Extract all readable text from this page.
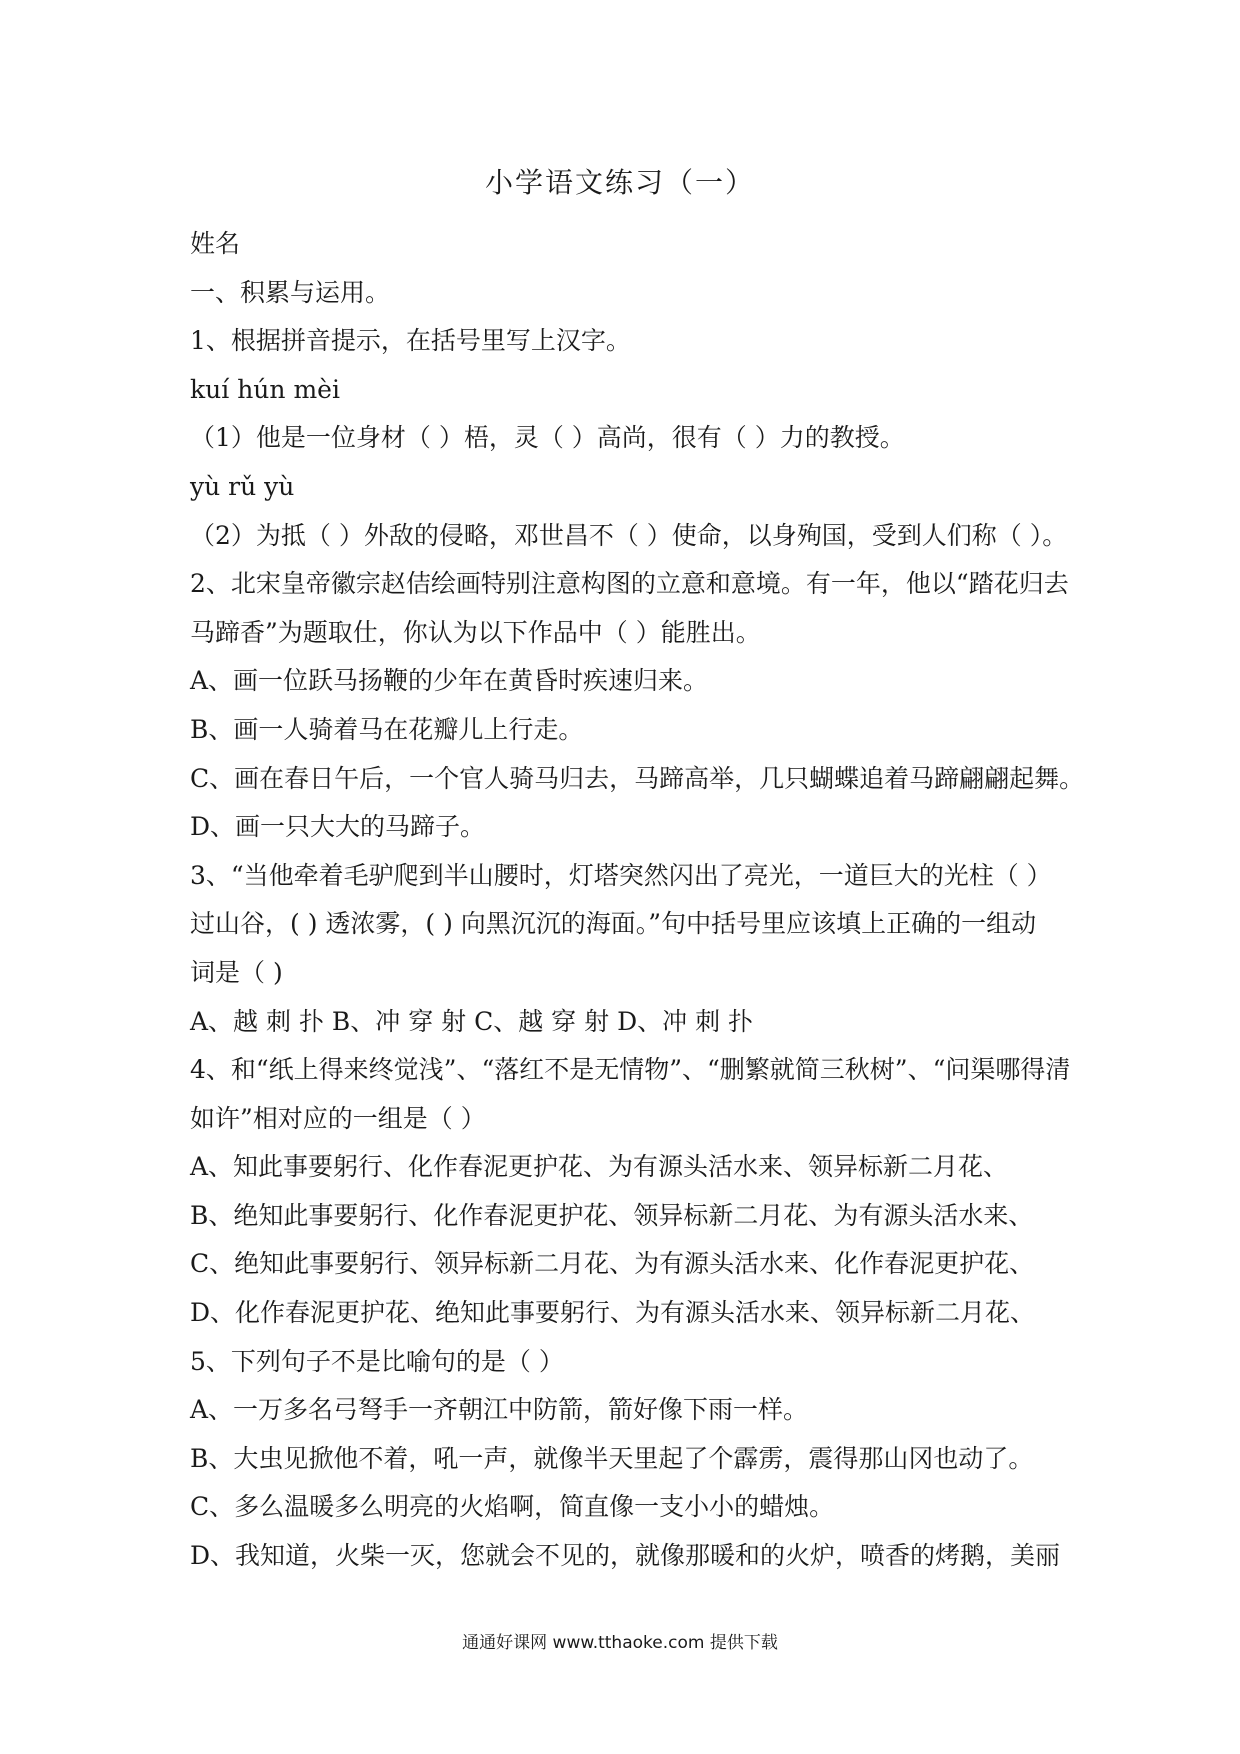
小学语文练习（一）
姓名
一、积累与运用。
1、根据拼音提示，在括号里写上汉字。
kuí hún mèi
（1）他是一位身材（ ）梧，灵（ ）高尚，很有（ ）力的教授。
yù rǔ yù
（2）为抵（ ）外敌的侵略，邓世昌不（ ）使命，以身殉国，受到人们称（ ）。
2、北宋皇帝徽宗赵佶绘画特别注意构图的立意和意境。有一年，他以“踏花归去
马蹄香”为题取仕，你认为以下作品中（ ）能胜出。
A、画一位跃马扬鞭的少年在黄昏时疾速归来。
B、画一人骑着马在花瓣儿上行走。
C、画在春日午后，一个官人骑马归去，马蹄高举，几只蝴蝶追着马蹄翩翩起舞。
D、画一只大大的马蹄子。
3、“当他牵着毛驴爬到半山腰时，灯塔突然闪出了亮光，一道巨大的光柱（ ）
过山谷，( ) 透浓雾，( ) 向黑沉沉的海面。”句中括号里应该填上正确的一组动
词是（ )
A、越 刺 扑 B、冲 穿 射 C、越 穿 射 D、冲 刺 扑
4、和“纸上得来终觉浅”、“落红不是无情物”、“删繁就简三秋树”、“问渠哪得清
如许”相对应的一组是（ ）
A、知此事要躬行、化作春泥更护花、为有源头活水来、领异标新二月花、
B、绝知此事要躬行、化作春泥更护花、领异标新二月花、为有源头活水来、
C、绝知此事要躬行、领异标新二月花、为有源头活水来、化作春泥更护花、
D、化作春泥更护花、绝知此事要躬行、为有源头活水来、领异标新二月花、
5、下列句子不是比喻句的是（ ）
A、一万多名弓弩手一齐朝江中防箭，箭好像下雨一样。
B、大虫见掀他不着，吼一声，就像半天里起了个霹雳，震得那山冈也动了。
C、多么温暖多么明亮的火焰啊，简直像一支小小的蜡烛。
D、我知道，火柴一灭，您就会不见的，就像那暖和的火炉，喷香的烤鹅，美丽
通通好课网 www.tthaoke.com 提供下载
